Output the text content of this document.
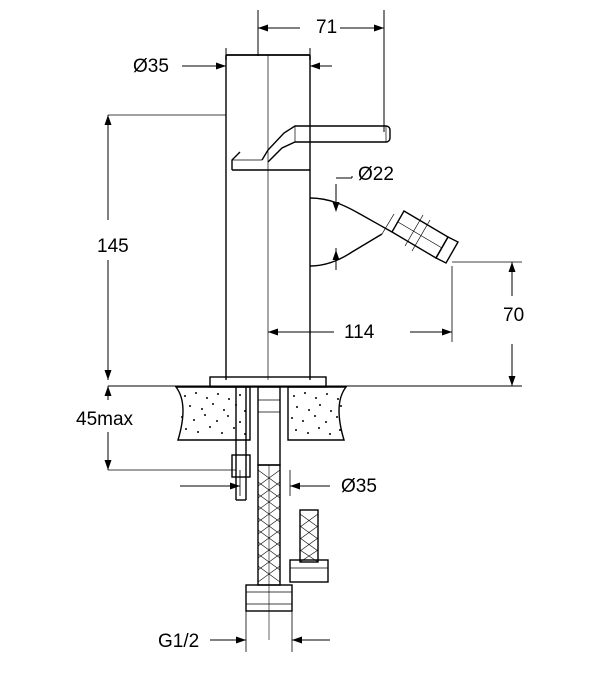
71
Ø35
Ø22
145
114
70
45max
Ø35
G1/2
